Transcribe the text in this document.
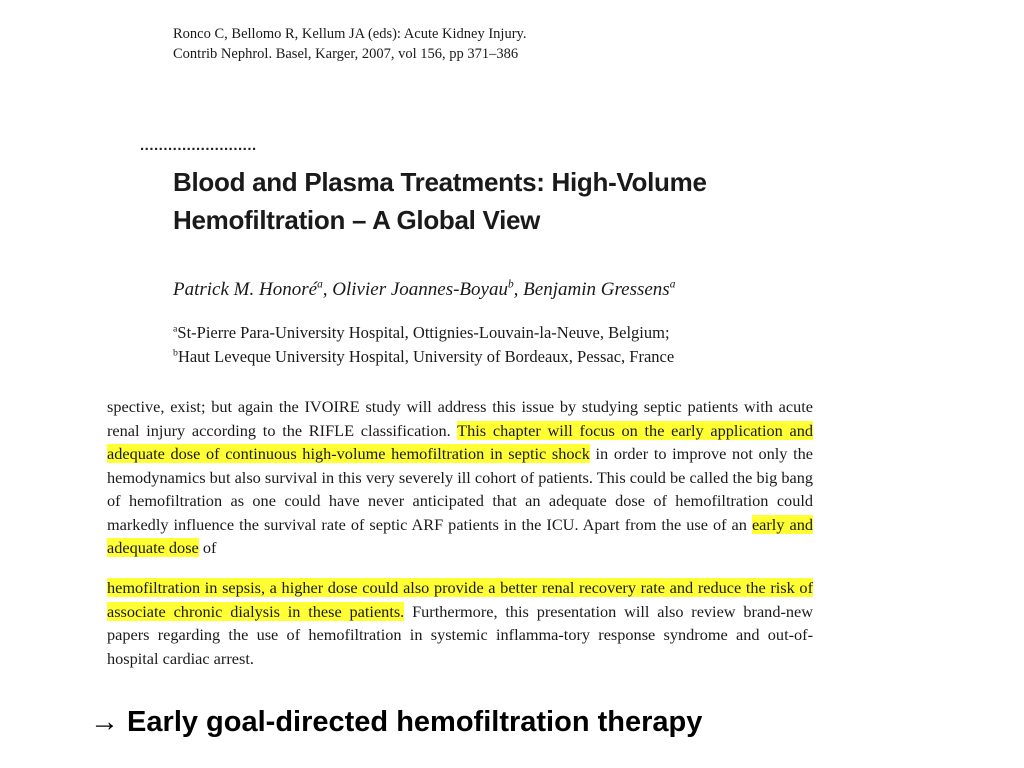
Ronco C, Bellomo R, Kellum JA (eds): Acute Kidney Injury.
Contrib Nephrol. Basel, Karger, 2007, vol 156, pp 371–386
.........................
Blood and Plasma Treatments: High-Volume
Hemofiltration – A Global View
Patrick M. Honoré$^a$, Olivier Joannes-Boyau$^b$, Benjamin Gressens$^a$
$^a$St-Pierre Para-University Hospital, Ottignies-Louvain-la-Neuve, Belgium;
$^b$Haut Leveque University Hospital, University of Bordeaux, Pessac, France
spective, exist; but again the IVOIRE study will address this issue by studying septic patients with acute renal injury according to the RIFLE classification. This chapter will focus on the early application and adequate dose of continuous high-volume hemofiltration in septic shock in order to improve not only the hemodynamics but also survival in this very severely ill cohort of patients. This could be called the big bang of hemofiltration as one could have never anticipated that an adequate dose of hemofiltration could markedly influence the survival rate of septic ARF patients in the ICU. Apart from the use of an early and adequate dose of
hemofiltration in sepsis, a higher dose could also provide a better renal recovery rate and reduce the risk of associate chronic dialysis in these patients. Furthermore, this presentation will also review brand-new papers regarding the use of hemofiltration in systemic inflamma-tory response syndrome and out-of-hospital cardiac arrest.
→ Early goal-directed hemofiltration therapy
